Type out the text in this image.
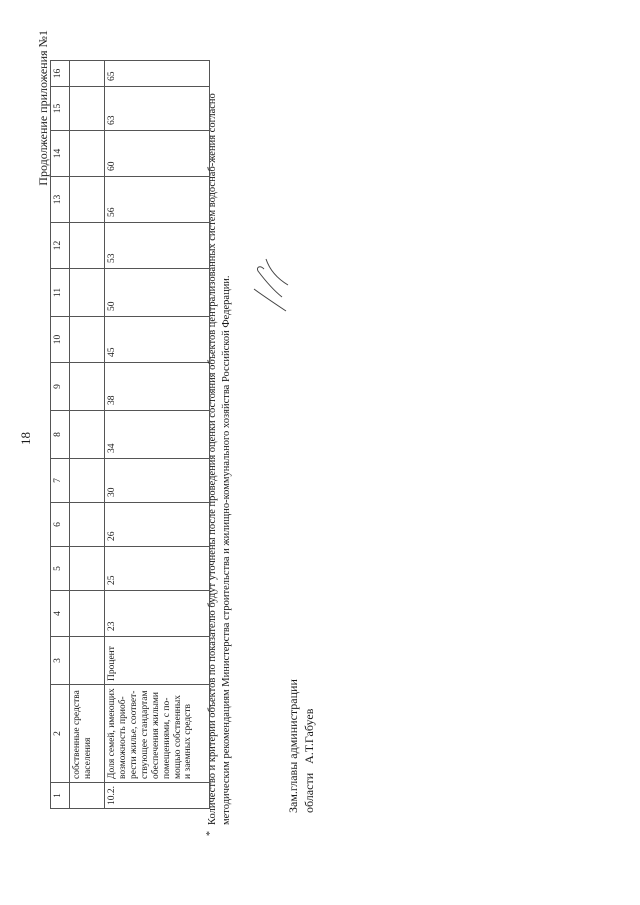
18
Продолжение приложения №1
1	2	3	4	5	6	7	8	9	10	11	12	13	14	15	16
	собственные средства населения														
10.2.	Доля семей, имеющих возможность приоб-рести жилье, соответ-ствующее стандартам обеспечения жилыми помещениями, с по-мощью собственных и заемных средств	Процент	23	25	26	30	34	38	45	50	53	56	60	63	65
*
Количество и критерии объектов по показателю будут уточнены после проведения оценки состояния объектов централизованных систем водоснаб-жения согласно методическим рекомендациям Министерства строительства и жилищно-коммунального хозяйства Российской Федерации.	Зам.главы администрации области   А.Т.Габуев
